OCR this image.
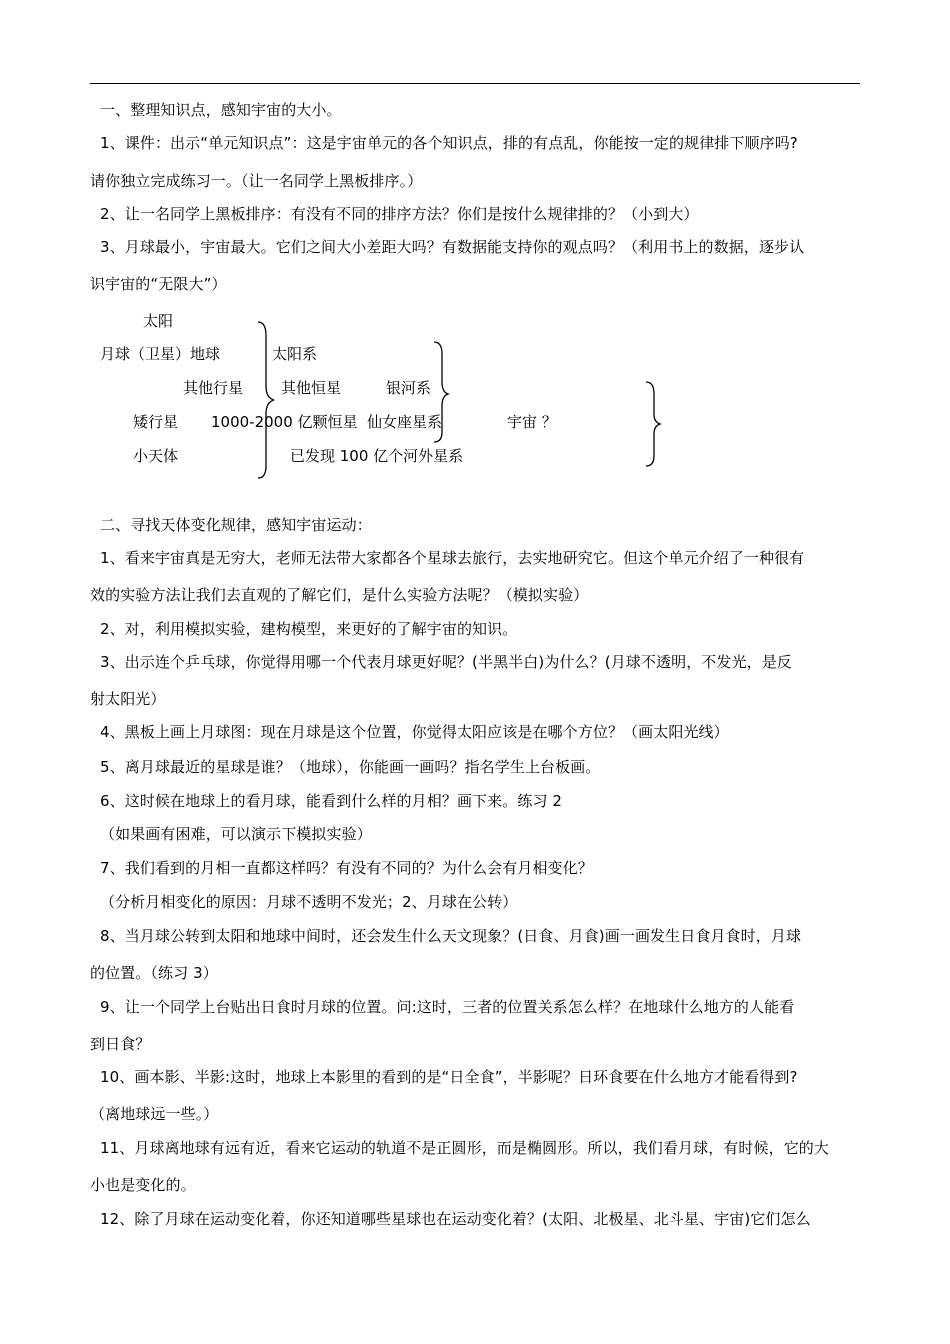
一、整理知识点，感知宇宙的大小。
1、课件：出示“单元知识点”：这是宇宙单元的各个知识点，排的有点乱，你能按一定的规律排下顺序吗?
请你独立完成练习一。（让一名同学上黑板排序。）
2、让一名同学上黑板排序：有没有不同的排序方法？你们是按什么规律排的？（小到大）
3、月球最小，宇宙最大。它们之间大小差距大吗？有数据能支持你的观点吗？（利用书上的数据，逐步认
识宇宙的“无限大”）
太阳
月球（卫星）地球
其他行星
矮行星
小天体
太阳系
其他恒星
1000-2000 亿颗恒星
已发现 100 亿个河外星系
银河系
仙女座星系	宇宙 ？
二、寻找天体变化规律，感知宇宙运动：
1、看来宇宙真是无穷大，老师无法带大家都各个星球去旅行，去实地研究它。但这个单元介绍了一种很有
效的实验方法让我们去直观的了解它们，是什么实验方法呢？（模拟实验）
2、对，利用模拟实验，建构模型，来更好的了解宇宙的知识。
3、出示连个乒乓球，你觉得用哪一个代表月球更好呢？(半黑半白)为什么？(月球不透明，不发光，是反
射太阳光）
4、黑板上画上月球图：现在月球是这个位置，你觉得太阳应该是在哪个方位？（画太阳光线）
5、离月球最近的星球是谁？（地球），你能画一画吗？指名学生上台板画。
6、这时候在地球上的看月球，能看到什么样的月相？画下来。练习 2
（如果画有困难，可以演示下模拟实验）
7、我们看到的月相一直都这样吗？有没有不同的？为什么会有月相变化？
（分析月相变化的原因：月球不透明不发光；2、月球在公转）
8、当月球公转到太阳和地球中间时，还会发生什么天文现象？(日食、月食)画一画发生日食月食时，月球
的位置。（练习 3）
9、让一个同学上台贴出日食时月球的位置。问:这时，三者的位置关系怎么样？在地球什么地方的人能看
到日食？
10、画本影、半影:这时，地球上本影里的看到的是“日全食”，半影呢？日环食要在什么地方才能看得到?
（离地球远一些。）
11、月球离地球有远有近，看来它运动的轨道不是正圆形，而是椭圆形。所以，我们看月球，有时候，它的大
小也是变化的。
12、除了月球在运动变化着，你还知道哪些星球也在运动变化着？(太阳、北极星、北斗星、宇宙)它们怎么
